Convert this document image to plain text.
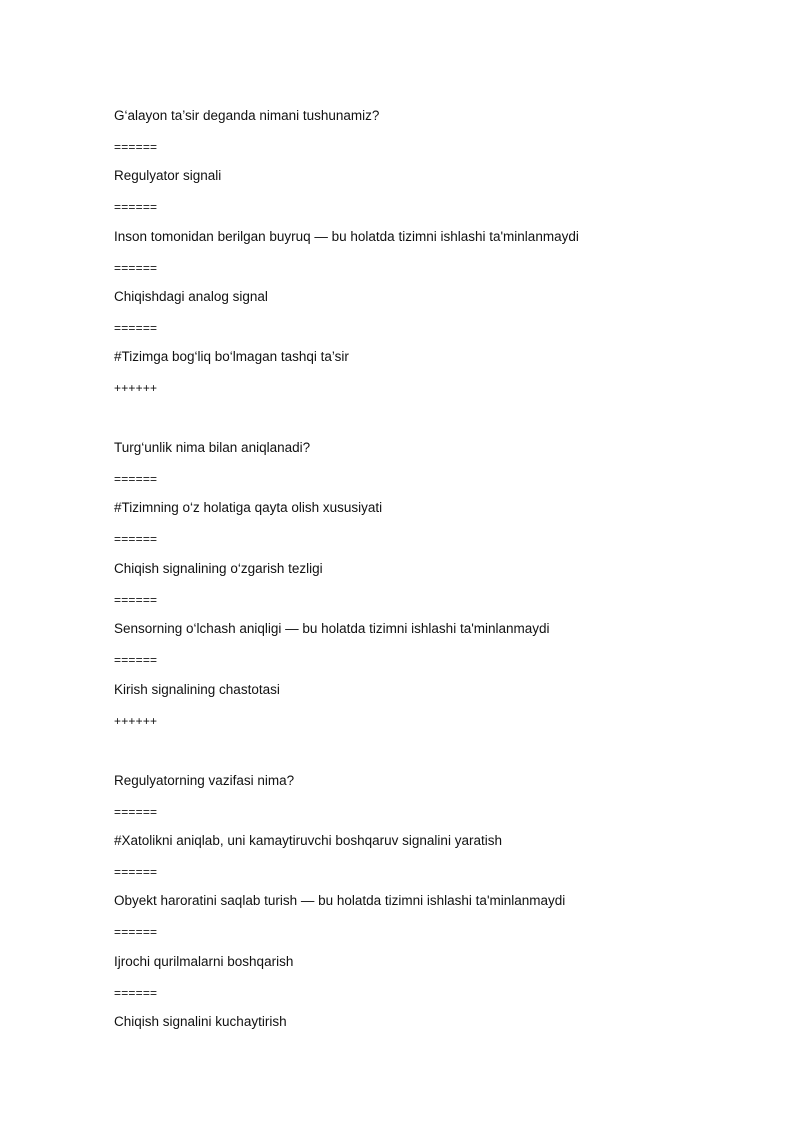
G‘alayon ta’sir deganda nimani tushunamiz?
======
Regulyator signali
======
Inson tomonidan berilgan buyruq — bu holatda tizimni ishlashi ta'minlanmaydi
======
Chiqishdagi analog signal
======
#Tizimga bog‘liq bo‘lmagan tashqi ta’sir
++++++
Turg‘unlik nima bilan aniqlanadi?
======
#Tizimning o‘z holatiga qayta olish xususiyati
======
Chiqish signalining o‘zgarish tezligi
======
Sensorning o‘lchash aniqligi — bu holatda tizimni ishlashi ta'minlanmaydi
======
Kirish signalining chastotasi
++++++
Regulyatorning vazifasi nima?
======
#Xatolikni aniqlab, uni kamaytiruvchi boshqaruv signalini yaratish
======
Obyekt haroratini saqlab turish — bu holatda tizimni ishlashi ta'minlanmaydi
======
Ijrochi qurilmalarni boshqarish
======
Chiqish signalini kuchaytirish
